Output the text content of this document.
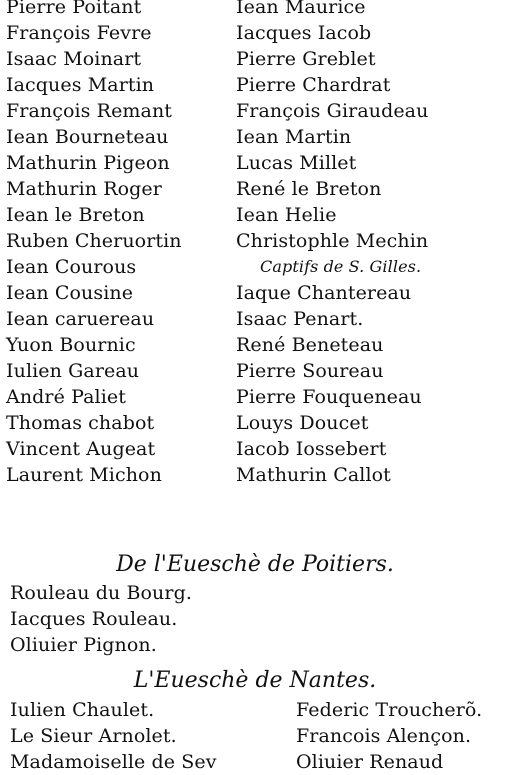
Pierre Poitant
François Fevre
Isaac Moinart
Iacques Martin
François Remant
Iean Bourneteau
Mathurin Pigeon
Mathurin Roger
Iean le Breton
Ruben Cheruortin
Iean Courous
Iean Cousine
Iean caruereau
Yuon Bournic
Iulien Gareau
André Paliet
Thomas chabot
Vincent Augeat
Laurent Michon
Iean Maurice
Iacques Iacob
Pierre Greblet
Pierre Chardrat
François Giraudeau
Iean Martin
Lucas Millet
René le Breton
Iean Helie
Christophle Mechin
Captifs de S. Gilles.
Iaque Chantereau
Isaac Penart.
René Beneteau
Pierre Soureau
Pierre Fouqueneau
Louys Doucet
Iacob Iossebert
Mathurin Callot
De l'Eueschè de Poitiers.
Rouleau du Bourg.
Iacques Rouleau.
Oliuier Pignon.
L'Eueschè de Nantes.
Iulien Chaulet.
Le Sieur Arnolet.
Madamoiselle de Sev
Federic Troucherõ.
Francois Alençon.
Oliuier Renaud
